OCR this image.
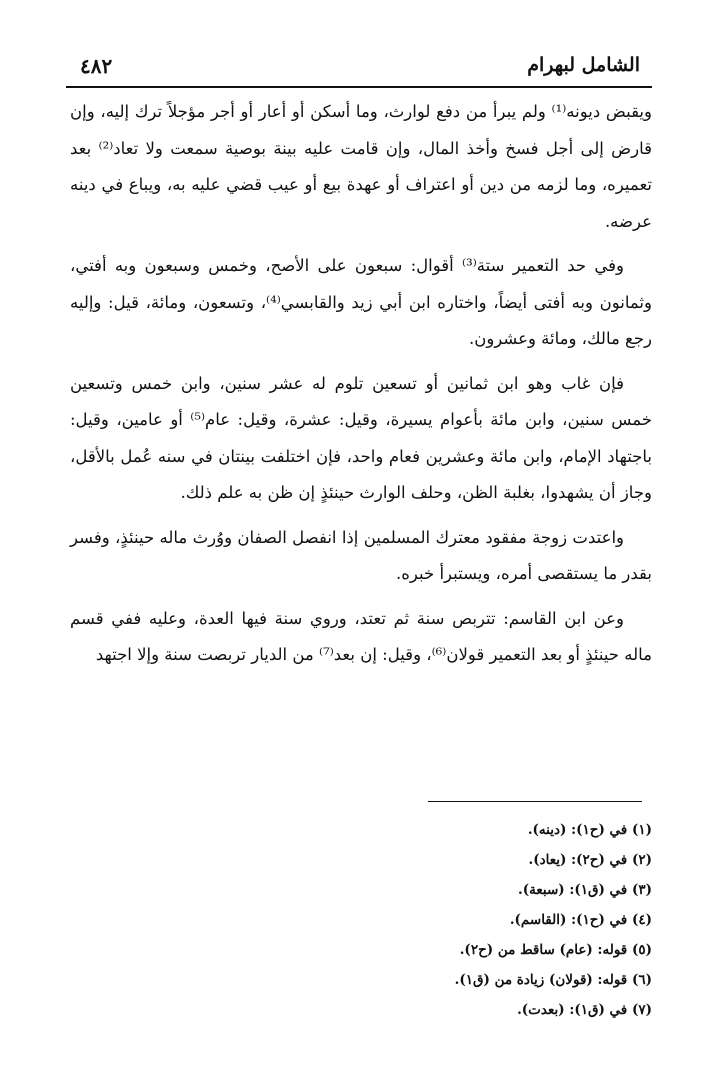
الشامل لبهرام
٤٨٢

ويقبض ديونه⁽¹⁾ ولم يبرأ من دفع لوارث، وما أسكن أو أعار أو أجر مؤجلاً ترك إليه، وإن قارض إلى أجل فسخ وأخذ المال، وإن قامت عليه بينة بوصية سمعت ولا تعاد⁽²⁾ بعد تعميره، وما لزمه من دين أو اعتراف أو عهدة بيع أو عيب قضي عليه به، ويباع في دينه عرضه.

وفي حد التعمير ستة⁽³⁾ أقوال: سبعون على الأصح، وخمس وسبعون وبه أفتي، وثمانون وبه أفتى أيضاً، واختاره ابن أبي زيد والقابسي⁽⁴⁾، وتسعون، ومائة، قيل: وإليه رجع مالك، ومائة وعشرون.

فإن غاب وهو ابن ثمانين أو تسعين تلوم له عشر سنين، وابن خمس وتسعين خمس سنين، وابن مائة بأعوام يسيرة، وقيل: عشرة، وقيل: عام⁽⁵⁾ أو عامين، وقيل: باجتهاد الإمام، وابن مائة وعشرين فعام واحد، فإن اختلفت بينتان في سنه عُمل بالأقل، وجاز أن يشهدوا، بغلبة الظن، وحلف الوارث حينئذٍ إن ظن به علم ذلك.

واعتدت زوجة مفقود معترك المسلمين إذا انفصل الصفان ووُرث ماله حينئذٍ، وفسر بقدر ما يستقصى أمره، ويستبرأ خبره.

وعن ابن القاسم: تتربص سنة ثم تعتد، وروي سنة فيها العدة، وعليه ففي قسم ماله حينئذٍ أو بعد التعمير قولان⁽⁶⁾، وقيل: إن بعد⁽⁷⁾ من الديار تربصت سنة وإلا اجتهد

(١) في (ح١): (دينه).
(٢) في (ح٢): (يعاد).
(٣) في (ق١): (سبعة).
(٤) في (ح١): (القاسم).
(٥) قوله: (عام) ساقط من (ح٢).
(٦) قوله: (قولان) زيادة من (ق١).
(٧) في (ق١): (بعدت).
